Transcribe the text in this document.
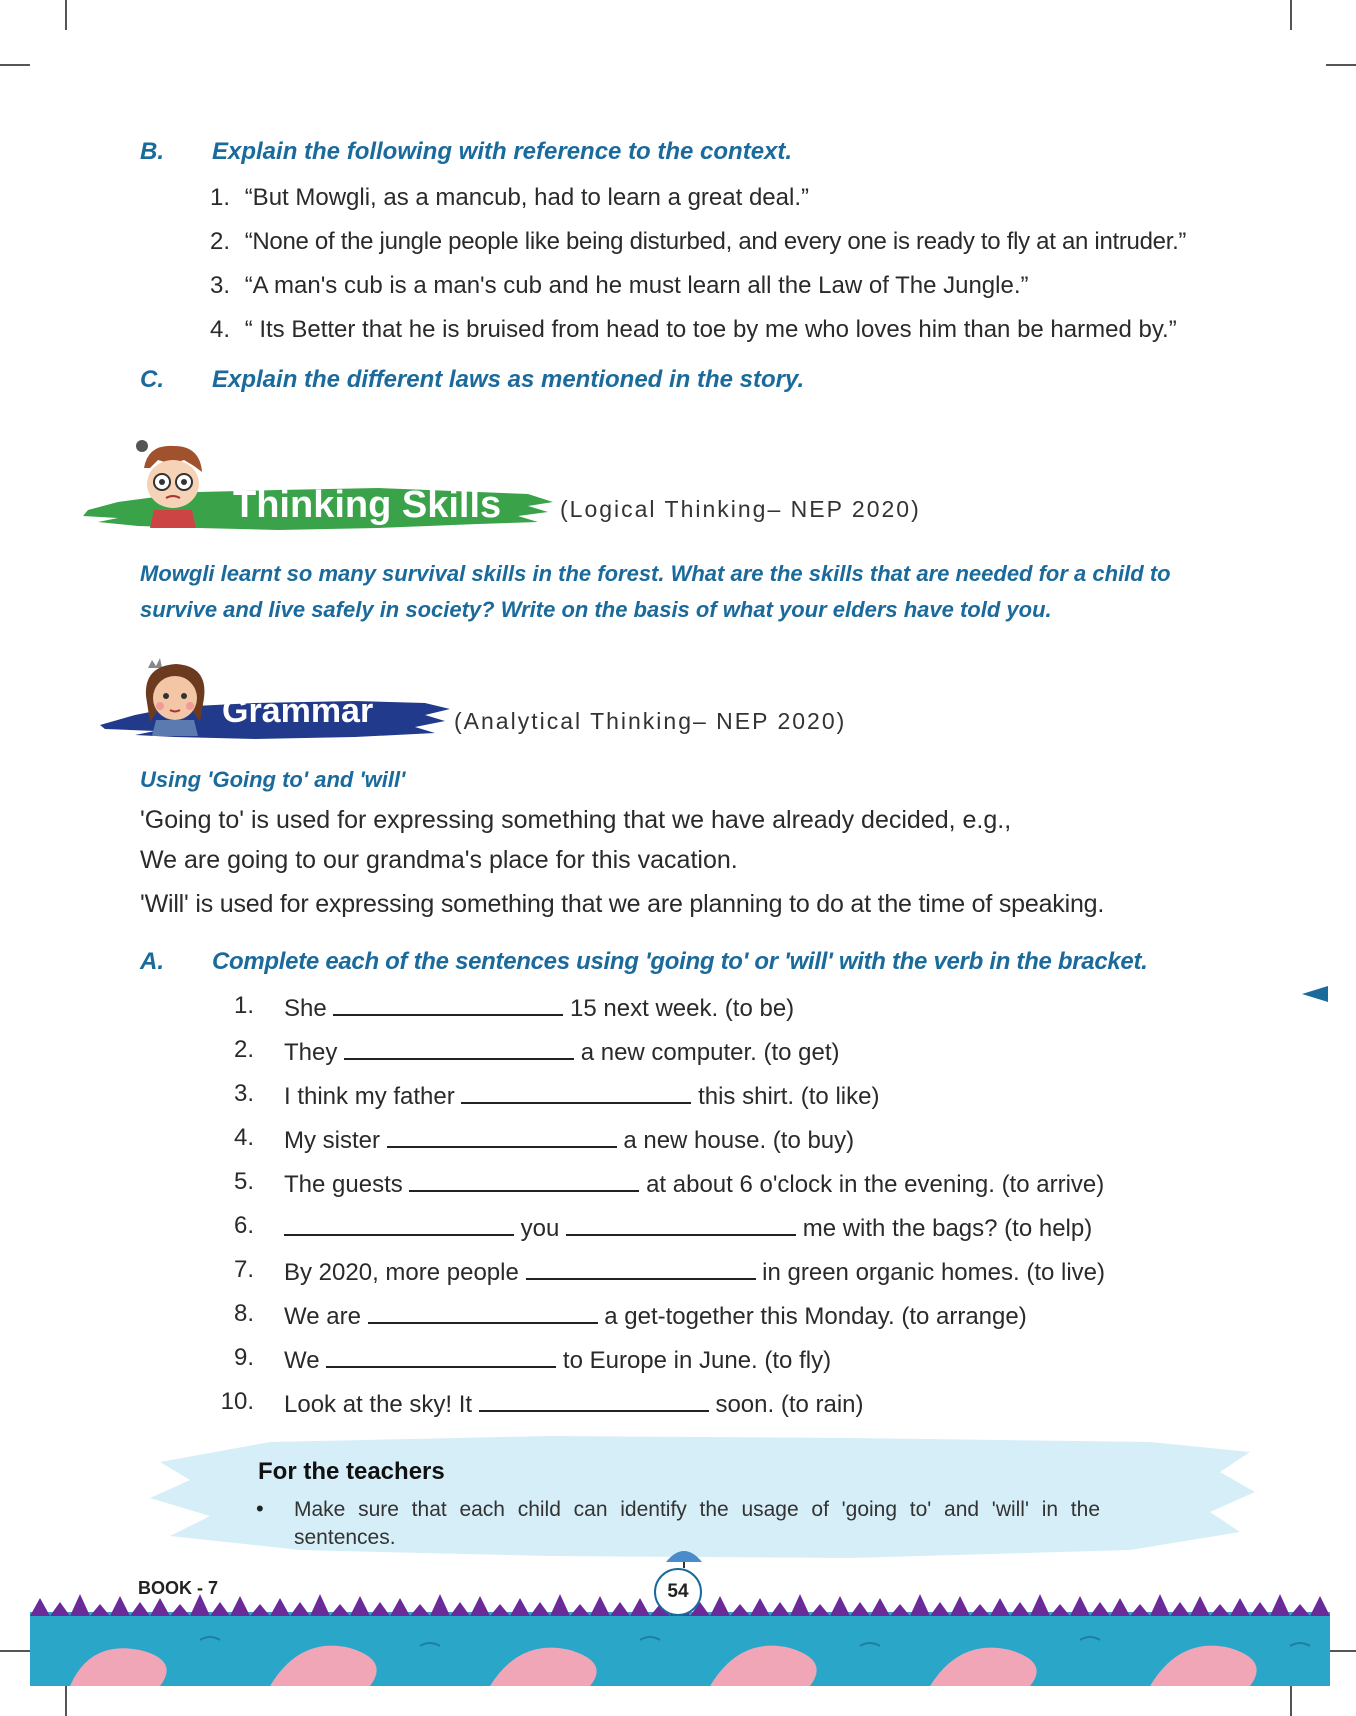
B. Explain the following with reference to the context.
1. “But Mowgli, as a mancub, had to learn a great deal.”
2. “None of the jungle people like being disturbed, and every one is ready to fly at an intruder.”
3. “A man's cub is a man's cub and he must learn all the Law of The Jungle.”
4. “ Its Better that he is bruised from head to toe by me who loves him than be harmed by.”
C. Explain the different laws as mentioned in the story.
Thinking Skills	(Logical Thinking– NEP 2020)
Mowgli learnt so many survival skills in the forest. What are the skills that are needed for a child to survive and live safely in society? Write on the basis of what your elders have told you.
Grammar	(Analytical Thinking– NEP 2020)
Using 'Going to' and 'will'
'Going to' is used for expressing something that we have already decided, e.g.,
We are going to our grandma's place for this vacation.
'Will' is used for expressing something that we are planning to do at the time of speaking.
A. Complete each of the sentences using 'going to' or 'will' with the verb in the bracket.
1. She	15 next week. (to be)
2. They	a new computer. (to get)
3. I think my father	this shirt. (to like)
4. My sister	a new house. (to buy)
5. The guests	at about 6 o'clock in the evening. (to arrive)
6.	you	me with the bags? (to help)
7. By 2020, more people	in green organic homes. (to live)
8. We are	a get-together this Monday. (to arrange)
9. We	to Europe in June. (to fly)
10. Look at the sky! It	soon. (to rain)
For the teachers
• Make sure that each child can identify the usage of 'going to' and 'will' in the sentences.
BOOK - 7	54
